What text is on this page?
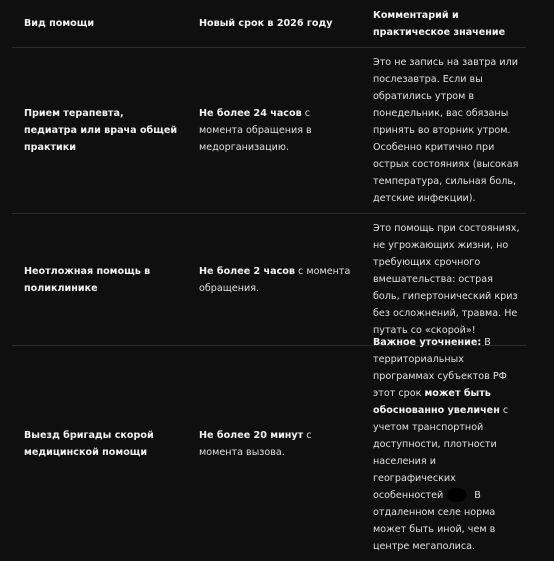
Вид помощи	Новый срок в 2026 году
Комментарий и практическое значение
Прием терапевта, педиатра или врача общей практики
Не более 24 часов с момента обращения в медорганизацию.
Это не запись на завтра или послезавтра. Если вы обратились утром в понедельник, вас обязаны принять во вторник утром. Особенно критично при острых состояниях (высокая температура, сильная боль, детские инфекции).
Неотложная помощь в поликлинике
Не более 2 часов с момента обращения.
Это помощь при состояниях, не угрожающих жизни, но требующих срочного вмешательства: острая боль, гипертонический криз без осложнений, травма. Не путать со «скорой»!
Выезд бригады скорой медицинской помощи
Не более 20 минут с момента вызова.
Важное уточнение: В территориальных программах субъектов РФ этот срок может быть обоснованно увеличен с учетом транспортной доступности, плотности населения и географических особенностей	В отдаленном селе норма может быть иной, чем в центре мегаполиса.
